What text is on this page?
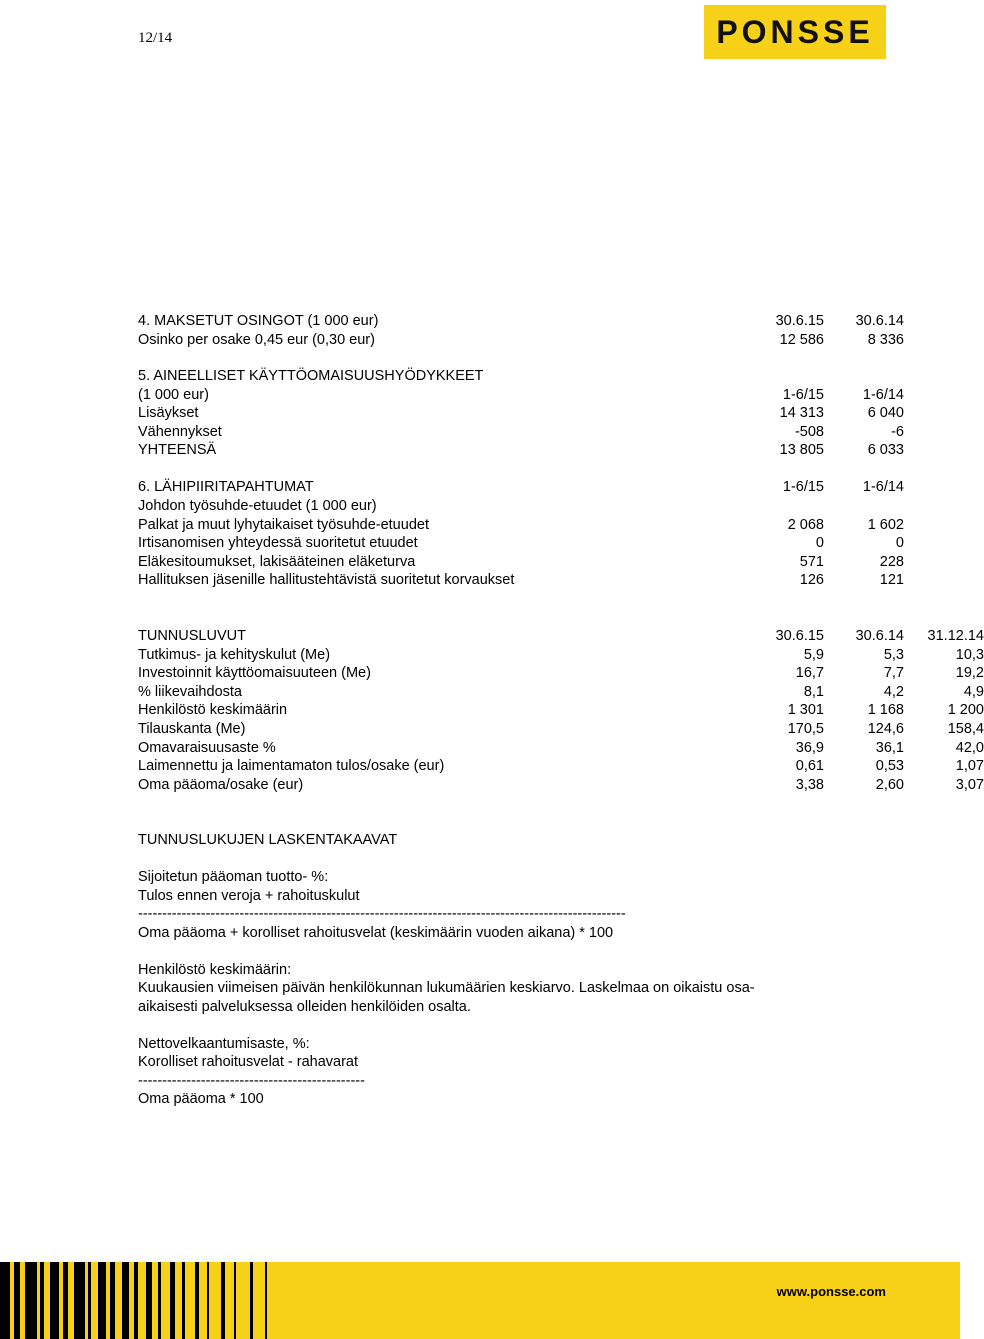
12/14	PONSSE
4. MAKSETUT OSINGOT (1 000 eur)	30.6.15	30.6.14
Osinko per osake 0,45 eur (0,30 eur)	12 586	8 336
5. AINEELLISET KÄYTTÖOMAISUUSHYÖDYKKEET
(1 000 eur)	1-6/15	1-6/14
Lisäykset	14 313	6 040
Vähennykset	-508	-6
YHTEENSÄ	13 805	6 033
6. LÄHIPIIRITAPAHTUMAT	1-6/15	1-6/14
Johdon työsuhde-etuudet (1 000 eur)
Palkat ja muut lyhytaikaiset työsuhde-etuudet	2 068	1 602
Irtisanomisen yhteydessä suoritetut etuudet	0	0
Eläkesitoumukset, lakisääteinen eläketurva	571	228
Hallituksen jäsenille hallitustehtävistä suoritetut korvaukset	126	121
TUNNUSLUVUT	30.6.15	30.6.14	31.12.14
Tutkimus- ja kehityskulut (Me)	5,9	5,3	10,3
Investoinnit käyttöomaisuuteen (Me)	16,7	7,7	19,2
% liikevaihdosta	8,1	4,2	4,9
Henkilöstö keskimäärin	1 301	1 168	1 200
Tilauskanta (Me)	170,5	124,6	158,4
Omavaraisuusaste %	36,9	36,1	42,0
Laimennettu ja laimentamaton tulos/osake (eur)	0,61	0,53	1,07
Oma pääoma/osake (eur)	3,38	2,60	3,07
TUNNUSLUKUJEN LASKENTAKAAVAT
Sijoitetun pääoman tuotto- %:
Tulos ennen veroja + rahoituskulut
-----------------------------------------------------------------------------------------------------
Oma pääoma + korolliset rahoitusvelat (keskimäärin vuoden aikana) * 100
Henkilöstö keskimäärin:
Kuukausien viimeisen päivän henkilökunnan lukumäärien keskiarvo. Laskelmaa on oikaistu osa-
aikaisesti palveluksessa olleiden henkilöiden osalta.
Nettovelkaantumisaste, %:
Korolliset rahoitusvelat - rahavarat
-----------------------------------------------
Oma pääoma * 100
www.ponsse.com
